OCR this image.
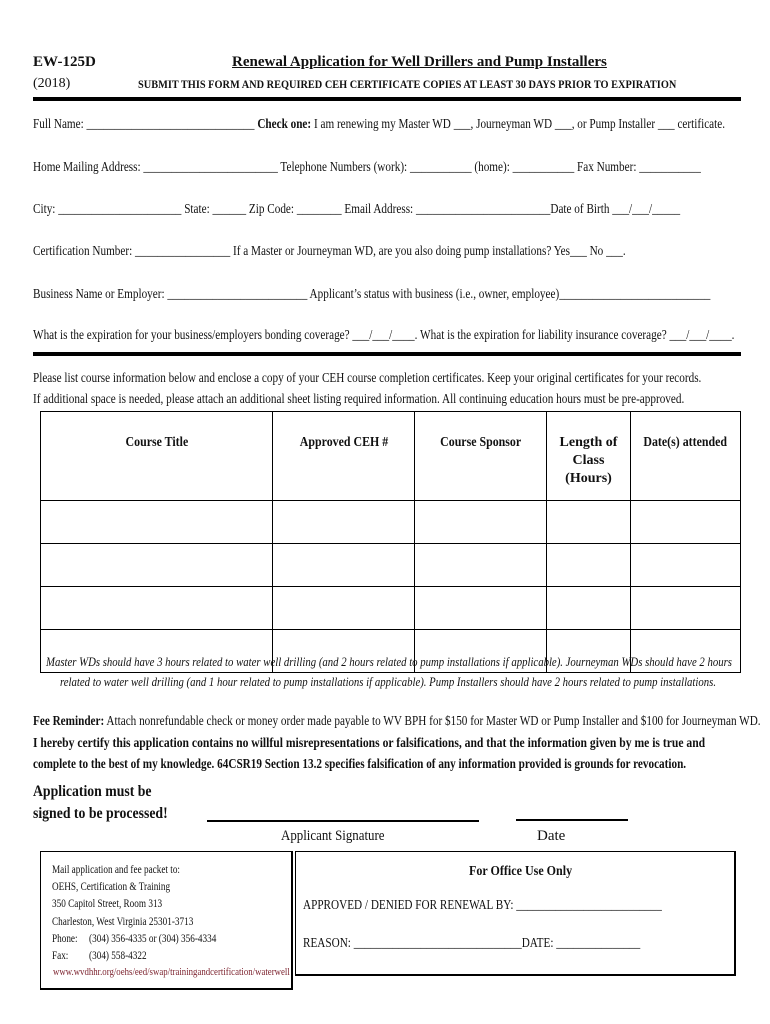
EW-125D
(2018)
Renewal Application for Well Drillers and Pump Installers
SUBMIT THIS FORM AND REQUIRED CEH CERTIFICATE COPIES AT LEAST 30 DAYS PRIOR TO EXPIRATION
Full Name: ______________________________ Check one: I am renewing my Master WD ___, Journeyman WD ___, or Pump Installer ___ certificate.
Home Mailing Address: ________________________ Telephone Numbers (work): ___________ (home): ___________ Fax Number: ___________
City: ______________________ State: ______ Zip Code: ________ Email Address: ________________________Date of Birth ___/___/_____
Certification Number: _________________ If a Master or Journeyman WD, are you also doing pump installations? Yes___ No ___.
Business Name or Employer: _________________________ Applicant’s status with business (i.e., owner, employee)___________________________
What is the expiration for your business/employers bonding coverage? ___/___/____. What is the expiration for liability insurance coverage? ___/___/____.
Please list course information below and enclose a copy of your CEH course completion certificates. Keep your original certificates for your records.
If additional space is needed, please attach an additional sheet listing required information. All continuing education hours must be pre-approved.
Course Title	Approved CEH #	Course Sponsor	Length of Class (Hours)	Date(s) attended

Master WDs should have 3 hours related to water well drilling (and 2 hours related to pump installations if applicable). Journeyman WDs should have 2 hours
related to water well drilling (and 1 hour related to pump installations if applicable). Pump Installers should have 2 hours related to pump installations.
Fee Reminder: Attach nonrefundable check or money order made payable to WV BPH for $150 for Master WD or Pump Installer and $100 for Journeyman WD.
I hereby certify this application contains no willful misrepresentations or falsifications, and that the information given by me is true and
complete to the best of my knowledge. 64CSR19 Section 13.2 specifies falsification of any information provided is grounds for revocation.
Application must be
signed to be processed!
Applicant Signature	Date
Mail application and fee packet to:
OEHS, Certification & Training
350 Capitol Street, Room 313
Charleston, West Virginia 25301-3713
Phone:     (304) 356-4335 or (304) 356-4334
Fax:         (304) 558-4322
www.wvdhhr.org/oehs/eed/swap/trainingandcertification/waterwell
For Office Use Only
APPROVED / DENIED FOR RENEWAL BY: __________________________
REASON: ______________________________DATE: _______________
